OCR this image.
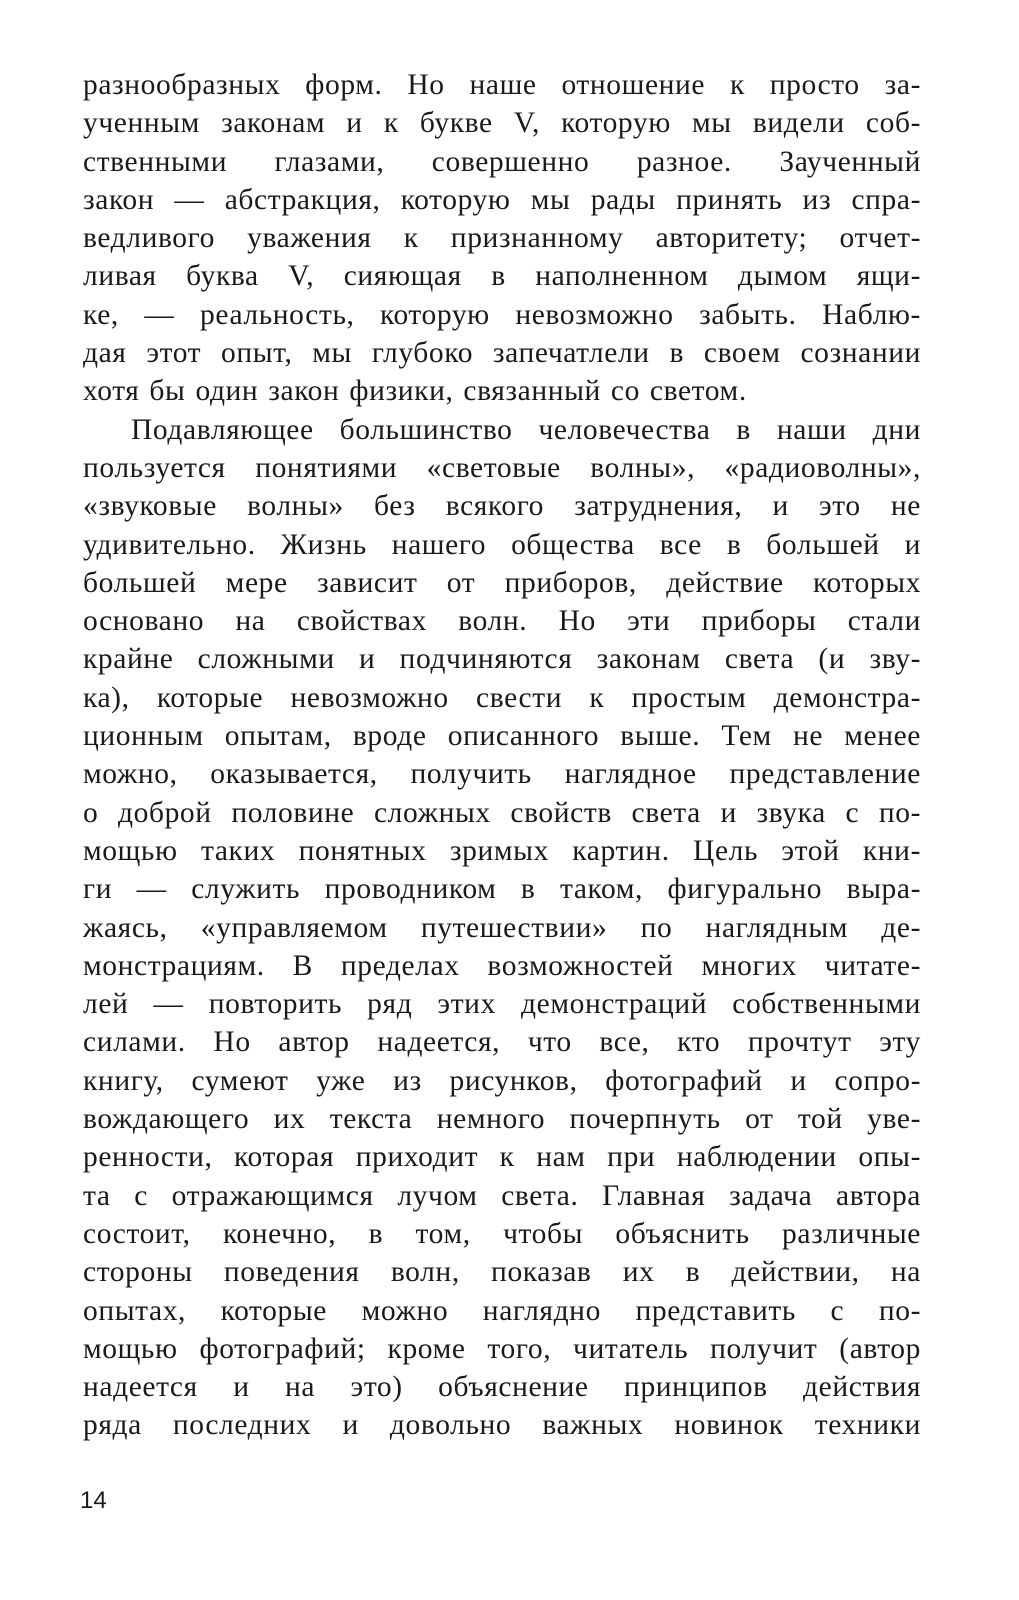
разнообразных форм. Но наше отношение к просто за-
ученным законам и к букве V, которую мы видели соб-
ственными глазами, совершенно разное. Заученный
закон — абстракция, которую мы рады принять из спра-
ведливого уважения к признанному авторитету; отчет-
ливая буква V, сияющая в наполненном дымом ящи-
ке, — реальность, которую невозможно забыть. Наблю-
дая этот опыт, мы глубоко запечатлели в своем сознании
хотя бы один закон физики, связанный со светом.
Подавляющее большинство человечества в наши дни
пользуется понятиями «световые волны», «радиоволны»,
«звуковые волны» без всякого затруднения, и это не
удивительно. Жизнь нашего общества все в большей и
большей мере зависит от приборов, действие которых
основано на свойствах волн. Но эти приборы стали
крайне сложными и подчиняются законам света (и зву-
ка), которые невозможно свести к простым демонстра-
ционным опытам, вроде описанного выше. Тем не менее
можно, оказывается, получить наглядное представление
о доброй половине сложных свойств света и звука с по-
мощью таких понятных зримых картин. Цель этой кни-
ги — служить проводником в таком, фигурально выра-
жаясь, «управляемом путешествии» по наглядным де-
монстрациям. В пределах возможностей многих читате-
лей — повторить ряд этих демонстраций собственными
силами. Но автор надеется, что все, кто прочтут эту
книгу, сумеют уже из рисунков, фотографий и сопро-
вождающего их текста немного почерпнуть от той уве-
ренности, которая приходит к нам при наблюдении опы-
та с отражающимся лучом света. Главная задача автора
состоит, конечно, в том, чтобы объяснить различные
стороны поведения волн, показав их в действии, на
опытах, которые можно наглядно представить с по-
мощью фотографий; кроме того, читатель получит (автор
надеется и на это) объяснение принципов действия
ряда последних и довольно важных новинок техники
14
